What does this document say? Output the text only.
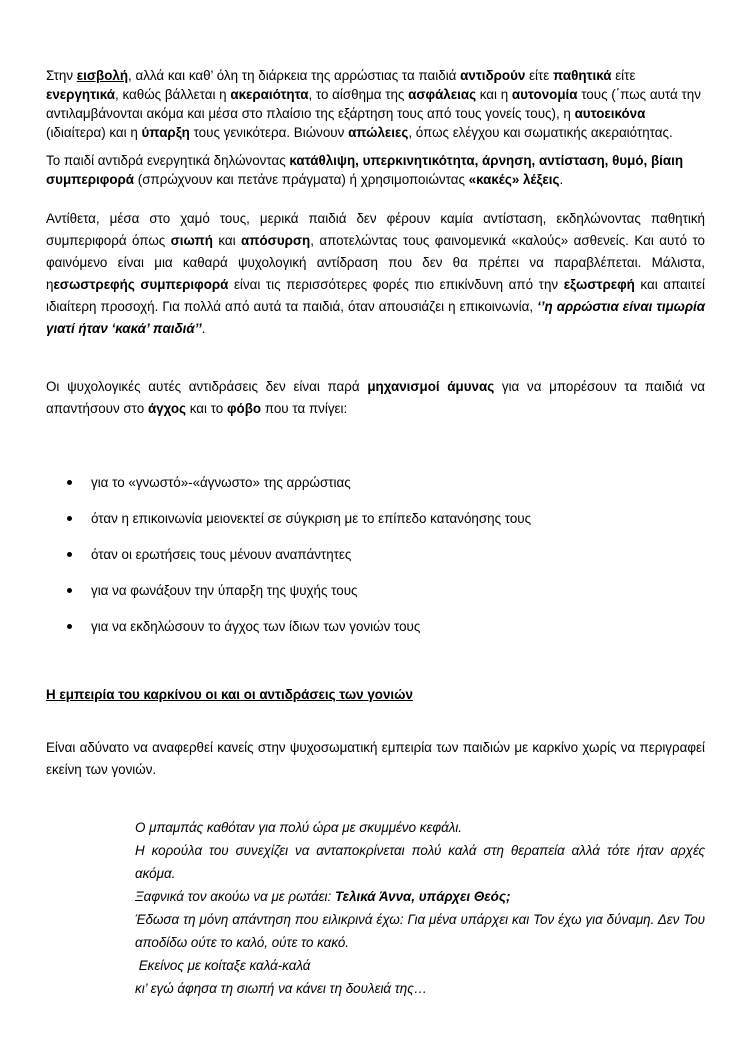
Στην εισβολή, αλλά και καθ’ όλη τη διάρκεια της αρρώστιας τα παιδιά αντιδρούν είτε παθητικά είτε ενεργητικά, καθώς βάλλεται η ακεραιότητα, το αίσθημα της ασφάλειας και η αυτονομία τους (΄πως αυτά την αντιλαμβάνονται ακόμα και μέσα στο πλαίσιο της εξάρτηση τους από τους γονείς τους), η αυτοεικόνα (ιδιαίτερα) και η ύπαρξη τους γενικότερα. Βιώνουν απώλειες, όπως ελέγχου και σωματικής ακεραιότητας.

Το παιδί αντιδρά ενεργητικά δηλώνοντας κατάθλιψη, υπερκινητικότητα, άρνηση, αντίσταση, θυμό, βίαιη συμπεριφορά (σπρώχνουν και πετάνε πράγματα) ή χρησιμοποιώντας «κακές» λέξεις.

Αντίθετα, μέσα στο χαμό τους, μερικά παιδιά δεν φέρουν καμία αντίσταση, εκδηλώνοντας παθητική συμπεριφορά όπως σιωπή και απόσυρση, αποτελώντας τους φαινομενικά «καλούς» ασθενείς. Και αυτό το φαινόμενο είναι μια καθαρά ψυχολογική αντίδραση που δεν θα πρέπει να παραβλέπεται. Μάλιστα, ηεσωστρεφής συμπεριφορά είναι τις περισσότερες φορές πιο επικίνδυνη από την εξωστρεφή και απαιτεί ιδιαίτερη προσοχή. Για πολλά από αυτά τα παιδιά, όταν απουσιάζει η επικοινωνία, ‘’η αρρώστια είναι τιμωρία γιατί ήταν ‘κακά’ παιδιά’’.

Οι ψυχολογικές αυτές αντιδράσεις δεν είναι παρά μηχανισμοί άμυνας για να μπορέσουν τα παιδιά να απαντήσουν στο άγχος και το φόβο που τα πνίγει:

για το «γνωστό»-«άγνωστο» της αρρώστιας
όταν η επικοινωνία μειονεκτεί σε σύγκριση με το επίπεδο κατανόησης τους
όταν οι ερωτήσεις τους μένουν αναπάντητες
για να φωνάξουν την ύπαρξη της ψυχής τους
για να εκδηλώσουν το άγχος των ίδιων των γονιών τους
Η εμπειρία του καρκίνου οι και οι αντιδράσεις των γονιών

Είναι αδύνατο να αναφερθεί κανείς στην ψυχοσωματική εμπειρία των παιδιών με καρκίνο χωρίς να περιγραφεί εκείνη των γονιών.

Ο μπαμπάς καθόταν για πολύ ώρα με σκυμμένο κεφάλι.
Η κορούλα του συνεχίζει να ανταποκρίνεται πολύ καλά στη θεραπεία αλλά τότε ήταν αρχές ακόμα.
Ξαφνικά τον ακούω να με ρωτάει: Τελικά Άννα, υπάρχει Θεός;
Έδωσα τη μόνη απάντηση που ειλικρινά έχω: Για μένα υπάρχει και Τον έχω για δύναμη. Δεν Του αποδίδω ούτε το καλό, ούτε το κακό.
Εκείνος με κοίταξε καλά-καλά
κι’ εγώ άφησα τη σιωπή να κάνει τη δουλειά της…
